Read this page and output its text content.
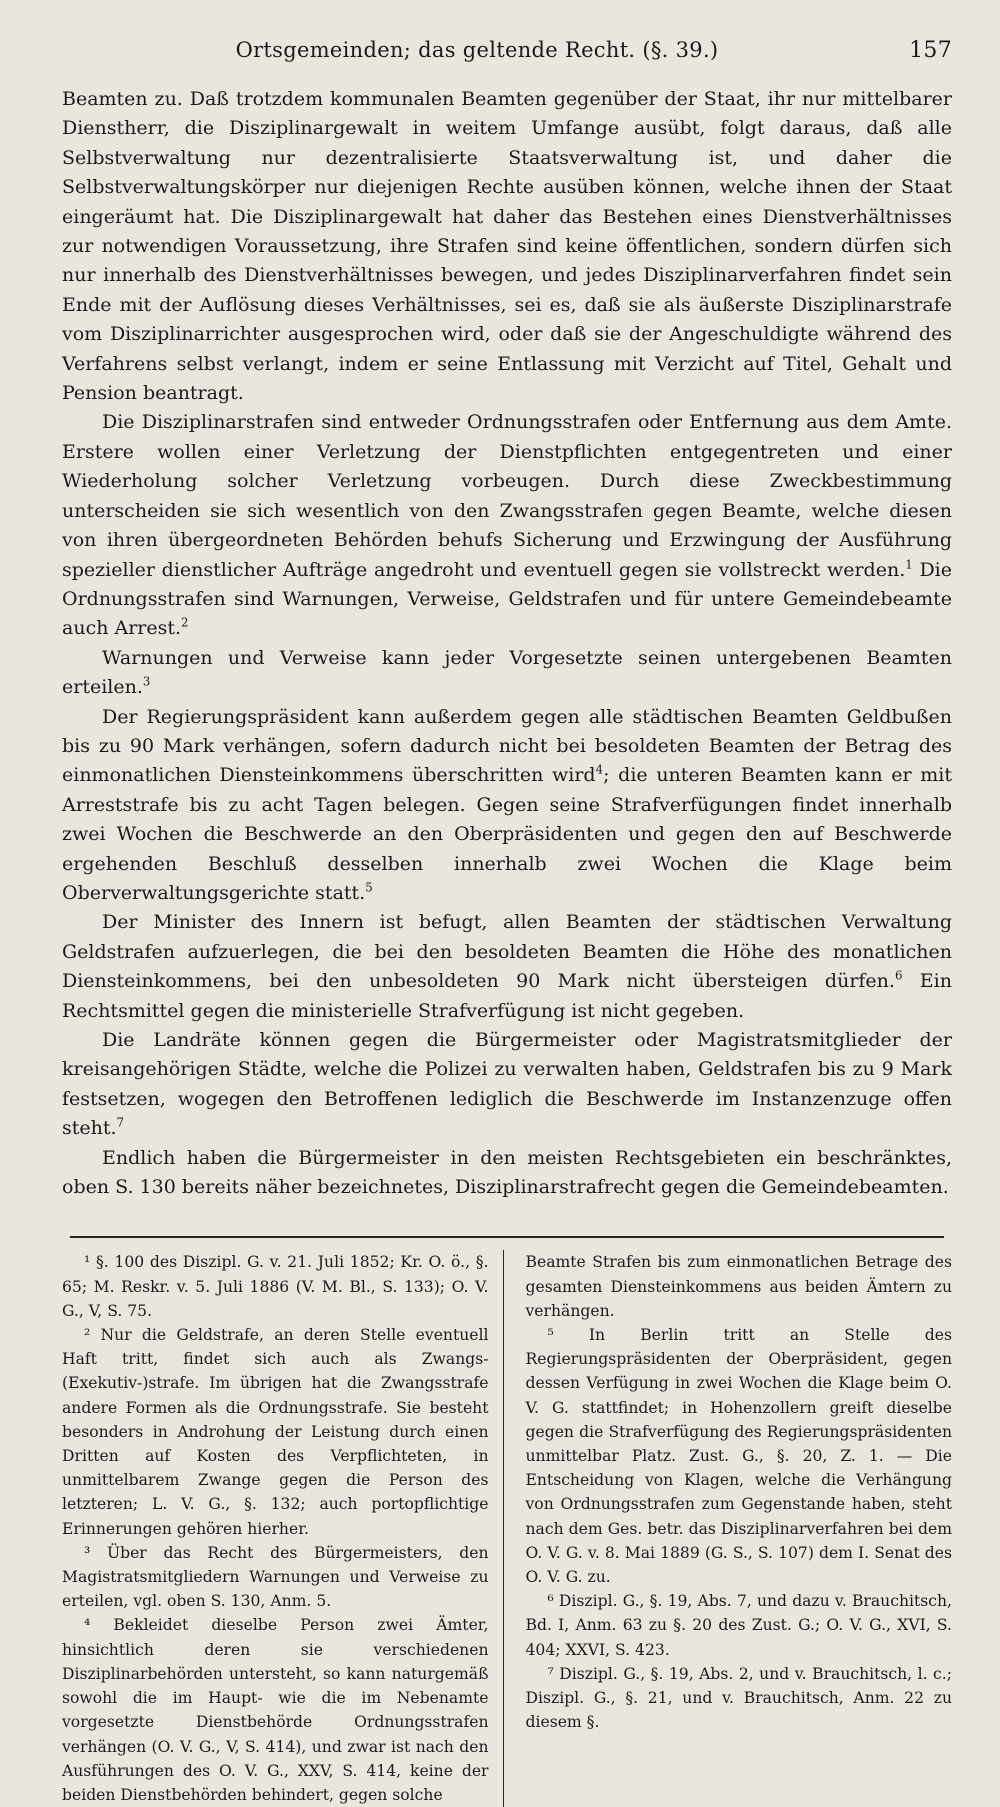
Ortsgemeinden; das geltende Recht. (§. 39.)	157

Beamten zu. Daß trotzdem kommunalen Beamten gegenüber der Staat, ihr nur mittelbarer Dienstherr, die Disziplinargewalt in weitem Umfange ausübt, folgt daraus, daß alle Selbstverwaltung nur dezentralisierte Staatsverwaltung ist, und daher die Selbstverwaltungskörper nur diejenigen Rechte ausüben können, welche ihnen der Staat eingeräumt hat. Die Disziplinargewalt hat daher das Bestehen eines Dienstverhältnisses zur notwendigen Voraussetzung, ihre Strafen sind keine öffentlichen, sondern dürfen sich nur innerhalb des Dienstverhältnisses bewegen, und jedes Disziplinarverfahren findet sein Ende mit der Auflösung dieses Verhältnisses, sei es, daß sie als äußerste Disziplinarstrafe vom Disziplinarrichter ausgesprochen wird, oder daß sie der Angeschuldigte während des Verfahrens selbst verlangt, indem er seine Entlassung mit Verzicht auf Titel, Gehalt und Pension beantragt.

Die Disziplinarstrafen sind entweder Ordnungsstrafen oder Entfernung aus dem Amte. Erstere wollen einer Verletzung der Dienstpflichten entgegentreten und einer Wiederholung solcher Verletzung vorbeugen. Durch diese Zweckbestimmung unterscheiden sie sich wesentlich von den Zwangsstrafen gegen Beamte, welche diesen von ihren übergeordneten Behörden behufs Sicherung und Erzwingung der Ausführung spezieller dienstlicher Aufträge angedroht und eventuell gegen sie vollstreckt werden.$^1$ Die Ordnungsstrafen sind Warnungen, Verweise, Geldstrafen und für untere Gemeindebeamte auch Arrest.$^2$

Warnungen und Verweise kann jeder Vorgesetzte seinen untergebenen Beamten erteilen.$^3$

Der Regierungspräsident kann außerdem gegen alle städtischen Beamten Geldbußen bis zu 90 Mark verhängen, sofern dadurch nicht bei besoldeten Beamten der Betrag des einmonatlichen Diensteinkommens überschritten wird$^4$; die unteren Beamten kann er mit Arreststrafe bis zu acht Tagen belegen. Gegen seine Strafverfügungen findet innerhalb zwei Wochen die Beschwerde an den Oberpräsidenten und gegen den auf Beschwerde ergehenden Beschluß desselben innerhalb zwei Wochen die Klage beim Oberverwaltungsgerichte statt.$^5$

Der Minister des Innern ist befugt, allen Beamten der städtischen Verwaltung Geldstrafen aufzuerlegen, die bei den besoldeten Beamten die Höhe des monatlichen Diensteinkommens, bei den unbesoldeten 90 Mark nicht übersteigen dürfen.$^6$ Ein Rechtsmittel gegen die ministerielle Strafverfügung ist nicht gegeben.

Die Landräte können gegen die Bürgermeister oder Magistratsmitglieder der kreisangehörigen Städte, welche die Polizei zu verwalten haben, Geldstrafen bis zu 9 Mark festsetzen, wogegen den Betroffenen lediglich die Beschwerde im Instanzenzuge offen steht.$^7$

Endlich haben die Bürgermeister in den meisten Rechtsgebieten ein beschränktes, oben S. 130 bereits näher bezeichnetes, Disziplinarstrafrecht gegen die Gemeindebeamten.

¹ §. 100 des Diszipl. G. v. 21. Juli 1852; Kr. O. ö., §. 65; M. Reskr. v. 5. Juli 1886 (V. M. Bl., S. 133); O. V. G., V, S. 75.

² Nur die Geldstrafe, an deren Stelle eventuell Haft tritt, findet sich auch als Zwangs-(Exekutiv-)strafe. Im übrigen hat die Zwangsstrafe andere Formen als die Ordnungsstrafe. Sie besteht besonders in Androhung der Leistung durch einen Dritten auf Kosten des Verpflichteten, in unmittelbarem Zwange gegen die Person des letzteren; L. V. G., §. 132; auch portopflichtige Erinnerungen gehören hierher.

³ Über das Recht des Bürgermeisters, den Magistratsmitgliedern Warnungen und Verweise zu erteilen, vgl. oben S. 130, Anm. 5.

⁴ Bekleidet dieselbe Person zwei Ämter, hinsichtlich deren sie verschiedenen Disziplinarbehörden untersteht, so kann naturgemäß sowohl die im Haupt- wie die im Nebenamte vorgesetzte Dienstbehörde Ordnungsstrafen verhängen (O. V. G., V, S. 414), und zwar ist nach den Ausführungen des O. V. G., XXV, S. 414, keine der beiden Dienstbehörden behindert, gegen solche

Beamte Strafen bis zum einmonatlichen Betrage des gesamten Diensteinkommens aus beiden Ämtern zu verhängen.

⁵ In Berlin tritt an Stelle des Regierungspräsidenten der Oberpräsident, gegen dessen Verfügung in zwei Wochen die Klage beim O. V. G. stattfindet; in Hohenzollern greift dieselbe gegen die Strafverfügung des Regierungspräsidenten unmittelbar Platz. Zust. G., §. 20, Z. 1. — Die Entscheidung von Klagen, welche die Verhängung von Ordnungsstrafen zum Gegenstande haben, steht nach dem Ges. betr. das Disziplinarverfahren bei dem O. V. G. v. 8. Mai 1889 (G. S., S. 107) dem I. Senat des O. V. G. zu.

⁶ Diszipl. G., §. 19, Abs. 7, und dazu v. Brauchitsch, Bd. I, Anm. 63 zu §. 20 des Zust. G.; O. V. G., XVI, S. 404; XXVI, S. 423.

⁷ Diszipl. G., §. 19, Abs. 2, und v. Brauchitsch, l. c.; Diszipl. G., §. 21, und v. Brauchitsch, Anm. 22 zu diesem §.
